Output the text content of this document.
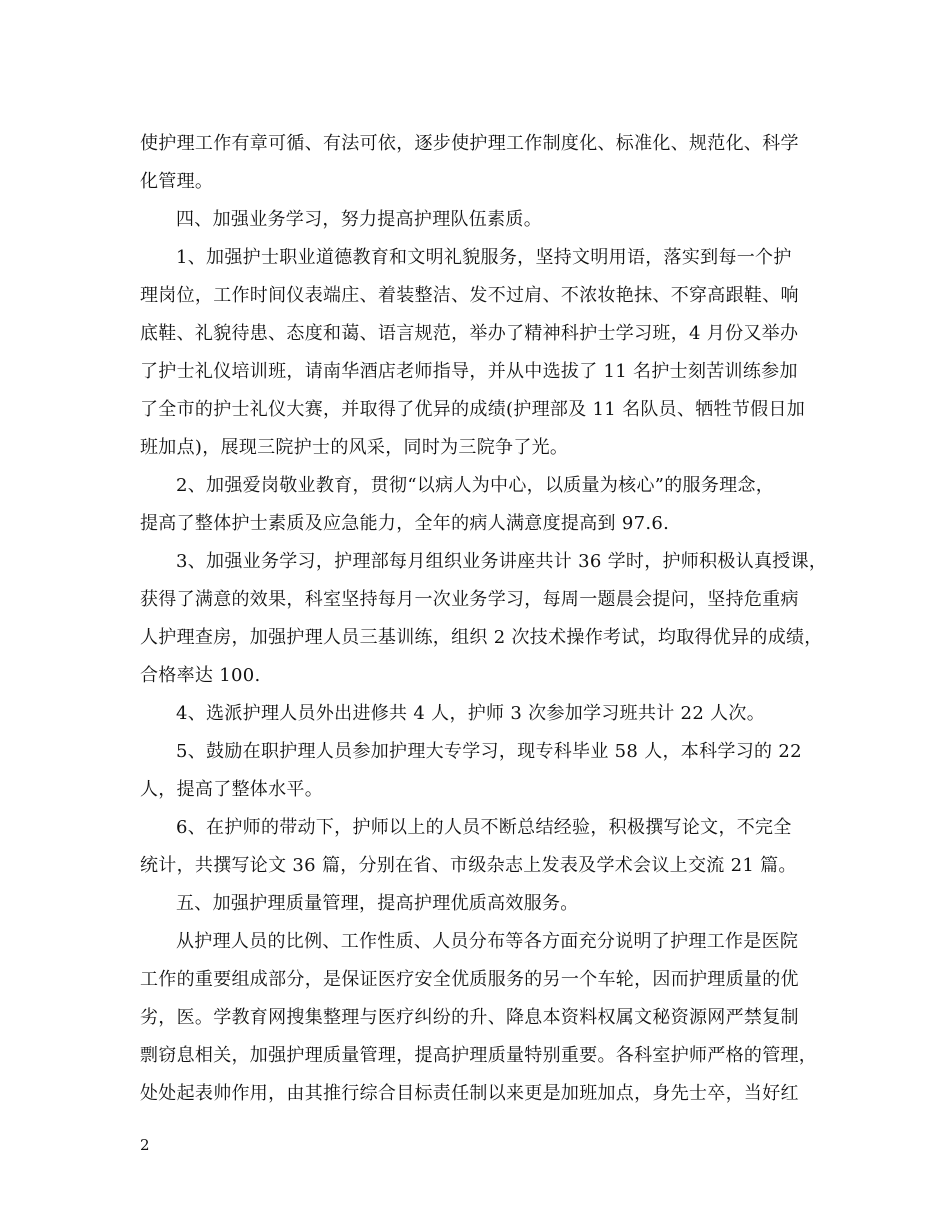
使护理工作有章可循、有法可依，逐步使护理工作制度化、标准化、规范化、科学
化管理。
四、加强业务学习，努力提高护理队伍素质。
1、加强护士职业道德教育和文明礼貌服务，坚持文明用语，落实到每一个护
理岗位，工作时间仪表端庄、着装整洁、发不过肩、不浓妆艳抹、不穿高跟鞋、响
底鞋、礼貌待患、态度和蔼、语言规范，举办了精神科护士学习班，4 月份又举办
了护士礼仪培训班，请南华酒店老师指导，并从中选拔了 11 名护士刻苦训练参加
了全市的护士礼仪大赛，并取得了优异的成绩(护理部及 11 名队员、牺牲节假日加
班加点)，展现三院护士的风采，同时为三院争了光。
2、加强爱岗敬业教育，贯彻“以病人为中心，以质量为核心”的服务理念，
提高了整体护士素质及应急能力，全年的病人满意度提高到 97.6.
3、加强业务学习，护理部每月组织业务讲座共计 36 学时，护师积极认真授课，
获得了满意的效果，科室坚持每月一次业务学习，每周一题晨会提问，坚持危重病
人护理查房，加强护理人员三基训练，组织 2 次技术操作考试，均取得优异的成绩，
合格率达 100.
4、选派护理人员外出进修共 4 人，护师 3 次参加学习班共计 22 人次。
5、鼓励在职护理人员参加护理大专学习，现专科毕业 58 人，本科学习的 22
人，提高了整体水平。
6、在护师的带动下，护师以上的人员不断总结经验，积极撰写论文，不完全
统计，共撰写论文 36 篇，分别在省、市级杂志上发表及学术会议上交流 21 篇。
五、加强护理质量管理，提高护理优质高效服务。
从护理人员的比例、工作性质、人员分布等各方面充分说明了护理工作是医院
工作的重要组成部分，是保证医疗安全优质服务的另一个车轮，因而护理质量的优
劣，医。学教育网搜集整理与医疗纠纷的升、降息本资料权属文秘资源网严禁复制
剽窃息相关，加强护理质量管理，提高护理质量特别重要。各科室护师严格的管理，
处处起表帅作用，由其推行综合目标责任制以来更是加班加点，身先士卒，当好红
2
